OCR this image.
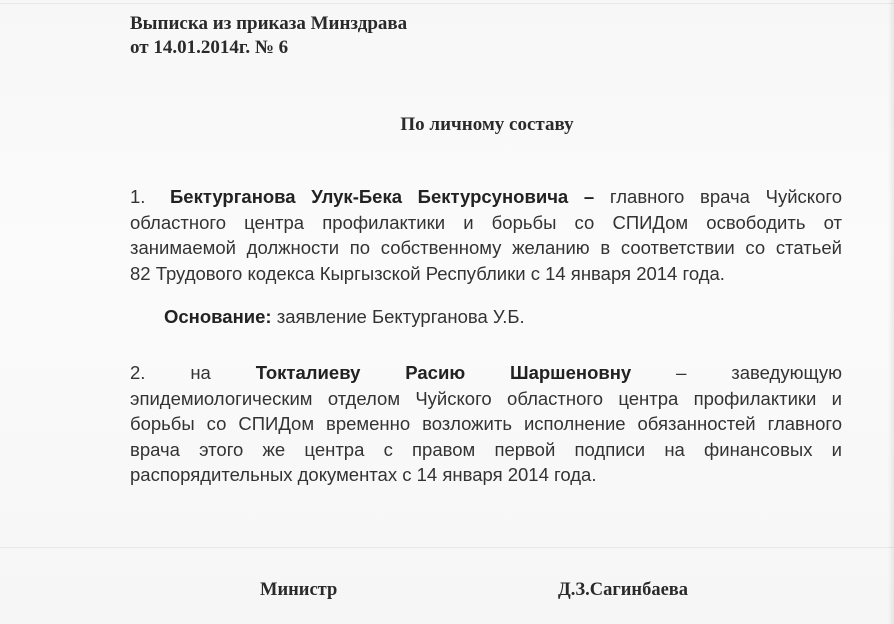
Выписка из приказа Минздрава
от 14.01.2014г. № 6
По личному составу
1. Бектурганова Улук-Бека Бектурсуновича – главного врача Чуйского
областного центра профилактики и борьбы со СПИДом освободить от
занимаемой должности по собственному желанию в соответствии со статьей
82 Трудового кодекса Кыргызской Республики с 14 января 2014 года.
Основание: заявление Бектурганова У.Б.
2. на Токталиеву Расию Шаршеновну – заведующую
эпидемиологическим отделом Чуйского областного центра профилактики и
борьбы со СПИДом временно возложить исполнение обязанностей главного
врача этого же центра с правом первой подписи на финансовых и
распорядительных документах с 14 января 2014 года.
Министр	Д.З.Сагинбаева
